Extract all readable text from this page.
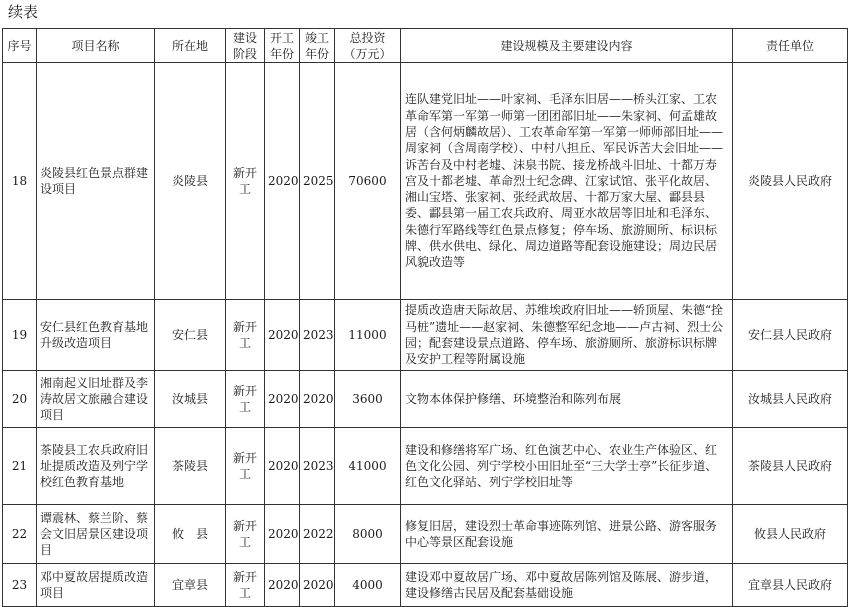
续表
序号	项目名称	所在地	建设阶段	开工年份	竣工年份	总投资（万元）	建设规模及主要建设内容	责任单位
18	炎陵县红色景点群建设项目	炎陵县	新开工	2020	2025	70600	连队建党旧址——叶家祠、毛泽东旧居——桥头江家、工农革命军第一军第一师第一团团部旧址——朱家祠、何孟雄故居（含何炳麟故居）、工农革命军第一军第一师师部旧址——周家祠（含周南学校）、中村八担丘、军民诉苦大会旧址——诉苦台及中村老墟、沫泉书院、接龙桥战斗旧址、十都万寿宫及十都老墟、革命烈士纪念碑、江家试馆、张平化故居、湘山宝塔、张家祠、张经武故居、十都万家大屋、酃县县委、酃县第一届工农兵政府、周亚水故居等旧址和毛泽东、朱德行军路线等红色景点修复；停车场、旅游厕所、标识标牌、供水供电、绿化、周边道路等配套设施建设；周边民居风貌改造等	炎陵县人民政府
19	安仁县红色教育基地升级改造项目	安仁县	新开工	2020	2023	11000	提质改造唐天际故居、苏维埃政府旧址——轿顶屋、朱德“拴马桩”遗址——赵家祠、朱德整军纪念地——卢古祠、烈士公园；配套建设景点道路、停车场、旅游厕所、旅游标识标牌及安护工程等附属设施	安仁县人民政府
20	湘南起义旧址群及李涛故居文旅融合建设项目	汝城县	新开工	2020	2020	3600	文物本体保护修缮、环境整治和陈列布展	汝城县人民政府
21	茶陵县工农兵政府旧址提质改造及列宁学校红色教育基地	茶陵县	新开工	2020	2023	41000	建设和修缮将军广场、红色演艺中心、农业生产体验区、红色文化公园、列宁学校小田旧址至“三大学士亭”长征步道、红色文化驿站、列宁学校旧址等	茶陵县人民政府
22	谭震林、蔡兰阶、蔡会文旧居景区建设项目	攸　县	新开工	2020	2022	8000	修复旧居，建设烈士革命事迹陈列馆、进景公路、游客服务中心等景区配套设施	攸县人民政府
23	邓中夏故居提质改造项目	宜章县	新开工	2020	2020	4000	建设邓中夏故居广场、邓中夏故居陈列馆及陈展、游步道，建设修缮古民居及配套基础设施	宜章县人民政府
